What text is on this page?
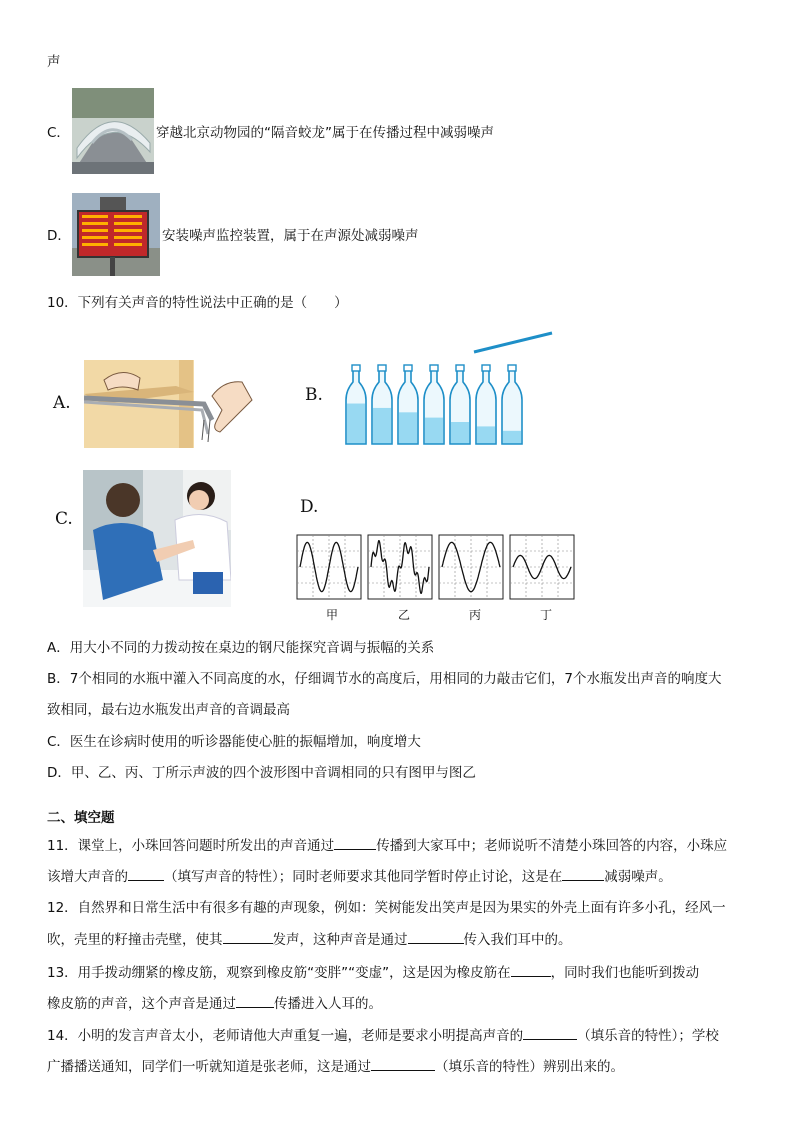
声
C．	穿越北京动物园的“隔音蛟龙”属于在传播过程中减弱噪声
D．	安装噪声监控装置，属于在声源处减弱噪声
10．下列有关声音的特性说法中正确的是（　　）
A.	B.
C.
D.
甲	乙	丙	丁
A．用大小不同的力拨动按在桌边的钢尺能探究音调与振幅的关系
B．7个相同的水瓶中灌入不同高度的水，仔细调节水的高度后，用相同的力敲击它们，7个水瓶发出声音的响度大
致相同，最右边水瓶发出声音的音调最高
C．医生在诊病时使用的听诊器能使心脏的振幅增加，响度增大
D．甲、乙、丙、丁所示声波的四个波形图中音调相同的只有图甲与图乙
二、填空题
11．课堂上，小珠回答问题时所发出的声音通过	传播到大家耳中；老师说听不清楚小珠回答的内容，小珠应
该增大声音的	（填写声音的特性）；同时老师要求其他同学暂时停止讨论，这是在	减弱噪声。
12．自然界和日常生活中有很多有趣的声现象，例如：笑树能发出笑声是因为果实的外壳上面有许多小孔，经风一
吹，壳里的籽撞击壳壁，使其	发声，这种声音是通过	传入我们耳中的。
13．用手拨动绷紧的橡皮筋，观察到橡皮筋“变胖”“变虚”，这是因为橡皮筋在	，同时我们也能听到拨动
橡皮筋的声音，这个声音是通过	传播进入人耳的。
14．小明的发言声音太小，老师请他大声重复一遍，老师是要求小明提高声音的	（填乐音的特性）；学校
广播播送通知，同学们一听就知道是张老师，这是通过	（填乐音的特性）辨别出来的。
